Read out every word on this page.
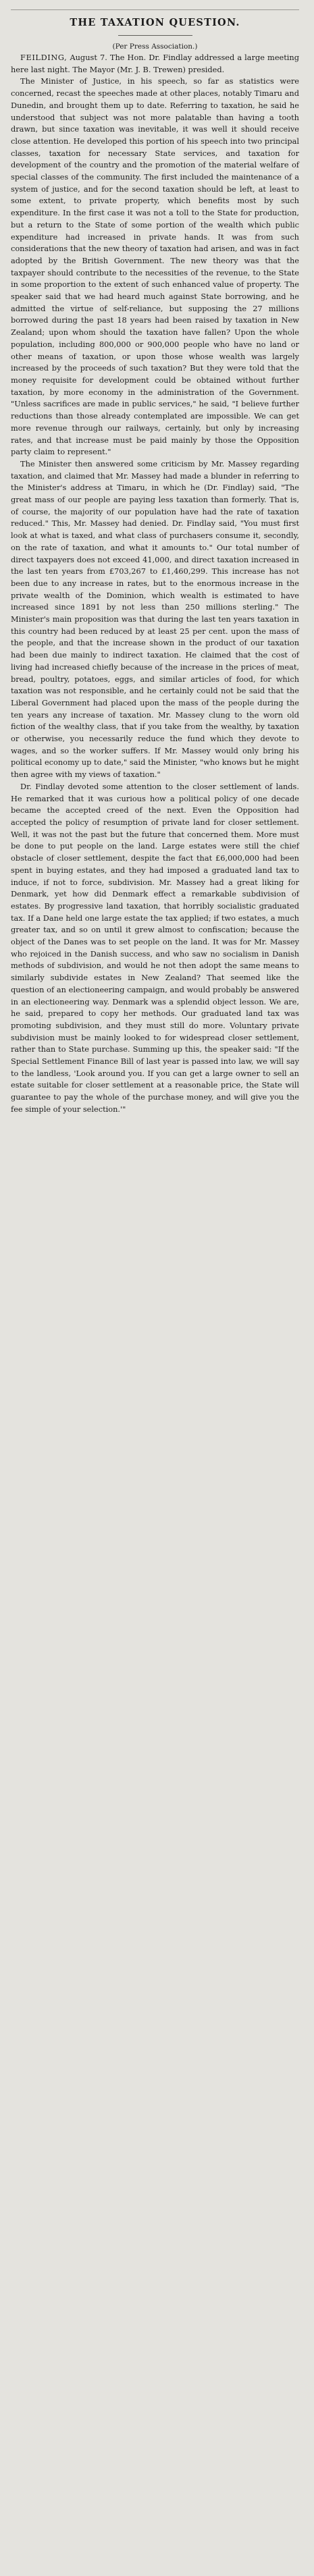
THE TAXATION QUESTION.
(Per Press Association.)

FEILDING, August 7. The Hon. Dr. Findlay addressed a large meeting here last night. The Mayor (Mr. J. B. Trewen) presided.

The Minister of Justice, in his speech, so far as statistics were concerned, recast the speeches made at other places, notably Timaru and Dunedin, and brought them up to date. Referring to taxation, he said he understood that subject was not more palatable than having a tooth drawn, but since taxation was inevitable, it was well it should receive close attention. He developed this portion of his speech into two principal classes, taxation for necessary State services, and taxation for development of the country and the promotion of the material welfare of special classes of the community. The first included the maintenance of a system of justice, and for the second taxation should be left, at least to some extent, to private property, which benefits most by such expenditure. In the first case it was not a toll to the State for production, but a return to the State of some portion of the wealth which public expenditure had increased in private hands. It was from such considerations that the new theory of taxation had arisen, and was in fact adopted by the British Government. The new theory was that the taxpayer should contribute to the necessities of the revenue, to the State in some proportion to the extent of such enhanced value of property. The speaker said that we had heard much against State borrowing, and he admitted the virtue of self-reliance, but supposing the 27 millions borrowed during the past 18 years had been raised by taxation in New Zealand; upon whom should the taxation have fallen? Upon the whole population, including 800,000 or 900,000 people who have no land or other means of taxation, or upon those whose wealth was largely increased by the proceeds of such taxation? But they were told that the money requisite for development could be obtained without further taxation, by more economy in the administration of the Government. "Unless sacrifices are made in public services," he said, "I believe further reductions than those already contemplated are impossible. We can get more revenue through our railways, certainly, but only by increasing rates, and that increase must be paid mainly by those the Opposition party claim to represent."

The Minister then answered some criticism by Mr. Massey regarding taxation, and claimed that Mr. Massey had made a blunder in referring to the Minister's address at Timaru, in which he (Dr. Findlay) said, "The great mass of our people are paying less taxation than formerly. That is, of course, the majority of our population have had the rate of taxation reduced." This, Mr. Massey had denied. Dr. Findlay said, "You must first look at what is taxed, and what class of purchasers consume it, secondly, on the rate of taxation, and what it amounts to." Our total number of direct taxpayers does not exceed 41,000, and direct taxation increased in the last ten years from £703,267 to £1,460,299. This increase has not been due to any increase in rates, but to the enormous increase in the private wealth of the Dominion, which wealth is estimated to have increased since 1891 by not less than 250 millions sterling." The Minister's main proposition was that during the last ten years taxation in this country had been reduced by at least 25 per cent. upon the mass of the people, and that the increase shown in the product of our taxation had been due mainly to indirect taxation. He claimed that the cost of living had increased chiefly because of the increase in the prices of meat, bread, poultry, potatoes, eggs, and similar articles of food, for which taxation was not responsible, and he certainly could not be said that the Liberal Government had placed upon the mass of the people during the ten years any increase of taxation. Mr. Massey clung to the worn old fiction of the wealthy class, that if you take from the wealthy, by taxation or otherwise, you necessarily reduce the fund which they devote to wages, and so the worker suffers. If Mr. Massey would only bring his political economy up to date," said the Minister, "who knows but he might then agree with my views of taxation."

Dr. Findlay devoted some attention to the closer settlement of lands. He remarked that it was curious how a political policy of one decade became the accepted creed of the next. Even the Opposition had accepted the policy of resumption of private land for closer settlement. Well, it was not the past but the future that concerned them. More must be done to put people on the land. Large estates were still the chief obstacle of closer settlement, despite the fact that £6,000,000 had been spent in buying estates, and they had imposed a graduated land tax to induce, if not to force, subdivision. Mr. Massey had a great liking for Denmark, yet how did Denmark effect a remarkable subdivision of estates. By progressive land taxation, that horribly socialistic graduated tax. If a Dane held one large estate the tax applied; if two estates, a much greater tax, and so on until it grew almost to confiscation; because the object of the Danes was to set people on the land. It was for Mr. Massey who rejoiced in the Danish success, and who saw no socialism in Danish methods of subdivision, and would he not then adopt the same means to similarly subdivide estates in New Zealand? That seemed like the question of an electioneering campaign, and would probably be answered in an electioneering way. Denmark was a splendid object lesson. We are, he said, prepared to copy her methods. Our graduated land tax was promoting subdivision, and they must still do more. Voluntary private subdivision must be mainly looked to for widespread closer settlement, rather than to State purchase. Summing up this, the speaker said: "If the Special Settlement Finance Bill of last year is passed into law, we will say to the landless, 'Look around you. If you can get a large owner to sell an estate suitable for closer settlement at a reasonable price, the State will guarantee to pay the whole of the purchase money, and will give you the fee simple of your selection.'"
